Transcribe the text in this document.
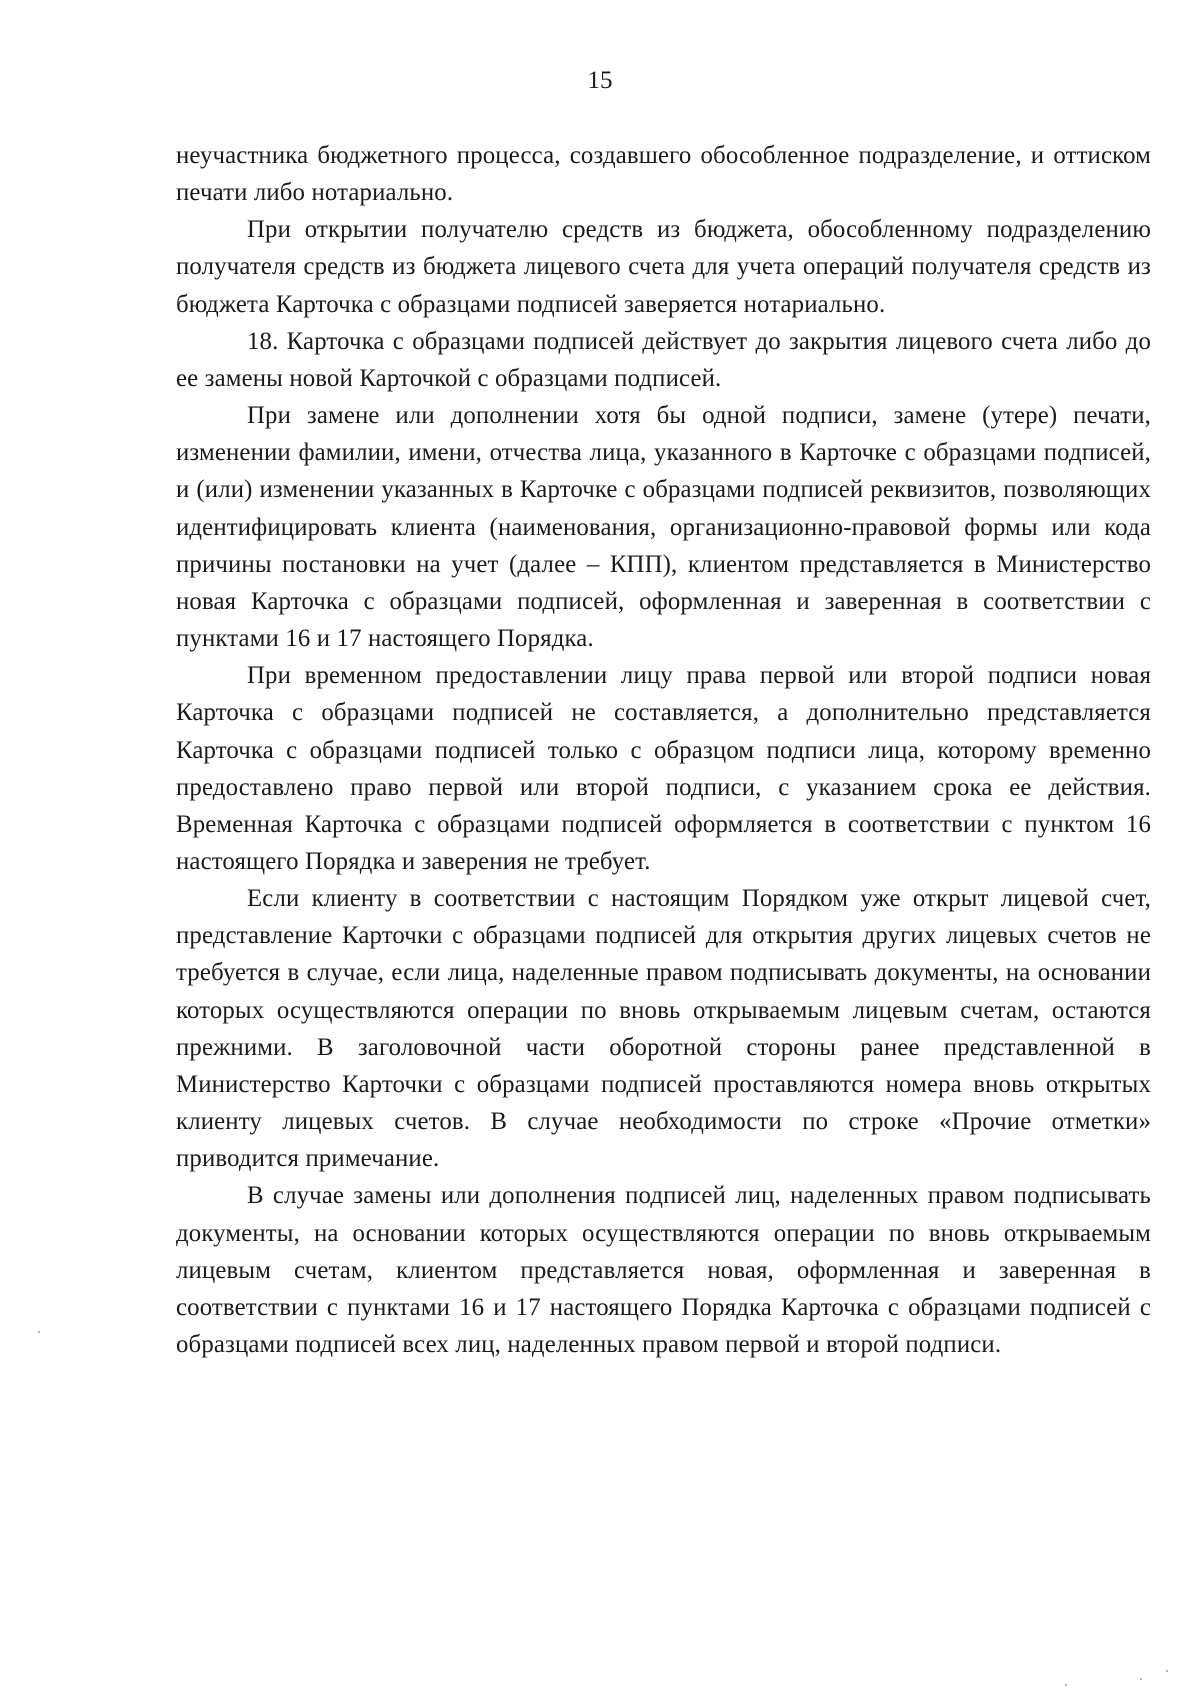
15

неучастника бюджетного процесса, создавшего обособленное подразделение, и оттиском печати либо нотариально.

При открытии получателю средств из бюджета, обособленному подразделению получателя средств из бюджета лицевого счета для учета операций получателя средств из бюджета Карточка с образцами подписей заверяется нотариально.

18. Карточка с образцами подписей действует до закрытия лицевого счета либо до ее замены новой Карточкой с образцами подписей.

При замене или дополнении хотя бы одной подписи, замене (утере) печати, изменении фамилии, имени, отчества лица, указанного в Карточке с образцами подписей, и (или) изменении указанных в Карточке с образцами подписей реквизитов, позволяющих идентифицировать клиента (наименования, организационно-правовой формы или кода причины постановки на учет (далее – КПП), клиентом представляется в Министерство новая Карточка с образцами подписей, оформленная и заверенная в соответствии с пунктами 16 и 17 настоящего Порядка.

При временном предоставлении лицу права первой или второй подписи новая Карточка с образцами подписей не составляется, а дополнительно представляется Карточка с образцами подписей только с образцом подписи лица, которому временно предоставлено право первой или второй подписи, с указанием срока ее действия. Временная Карточка с образцами подписей оформляется в соответствии с пунктом 16 настоящего Порядка и заверения не требует.

Если клиенту в соответствии с настоящим Порядком уже открыт лицевой счет, представление Карточки с образцами подписей для открытия других лицевых счетов не требуется в случае, если лица, наделенные правом подписывать документы, на основании которых осуществляются операции по вновь открываемым лицевым счетам, остаются прежними. В заголовочной части оборотной стороны ранее представленной в Министерство Карточки с образцами подписей проставляются номера вновь открытых клиенту лицевых счетов. В случае необходимости по строке «Прочие отметки» приводится примечание.

В случае замены или дополнения подписей лиц, наделенных правом подписывать документы, на основании которых осуществляются операции по вновь открываемым лицевым счетам, клиентом представляется новая, оформленная и заверенная в соответствии с пунктами 16 и 17 настоящего Порядка Карточка с образцами подписей с образцами подписей всех лиц, наделенных правом первой и второй подписи.
